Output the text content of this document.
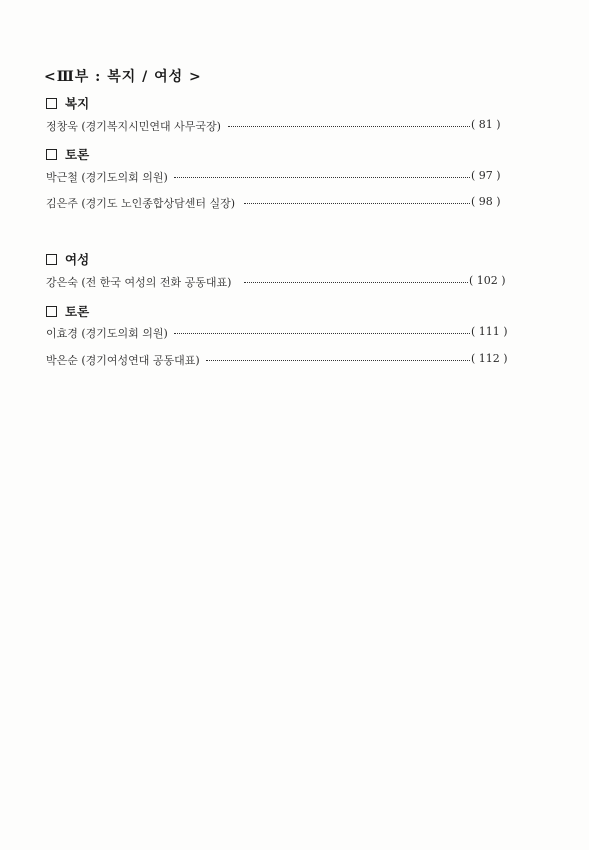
<Ⅲ부 : 복지 / 여성 >
복지
정창욱 (경기복지시민연대 사무국장)	( 81 )
토론
박근철 (경기도의회 의원)	( 97 )
김은주 (경기도 노인종합상담센터 실장)	( 98 )
여성
강은숙 (전 한국 여성의 전화 공동대표)	( 102 )
토론
이효경 (경기도의회 의원)	( 111 )
박은순 (경기여성연대 공동대표)	( 112 )
